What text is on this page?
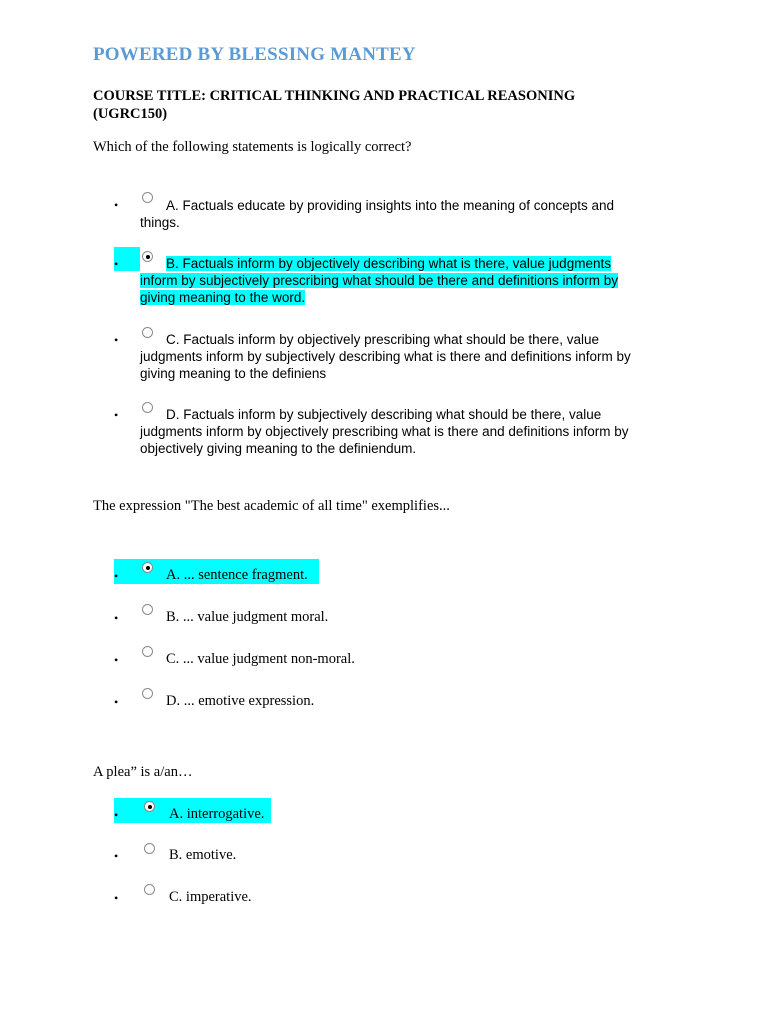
POWERED BY BLESSING MANTEY
COURSE TITLE: CRITICAL THINKING AND PRACTICAL REASONING
(UGRC150)
Which of the following statements is logically correct?
•	A. Factuals educate by providing insights into the meaning of concepts and
things.
•	B. Factuals inform by objectively describing what is there, value judgments
inform by subjectively prescribing what should be there and definitions inform by
giving meaning to the word.
•	C. Factuals inform by objectively prescribing what should be there, value
judgments inform by subjectively describing what is there and definitions inform by
giving meaning to the definiens
•	D. Factuals inform by subjectively describing what should be there, value
judgments inform by objectively prescribing what is there and definitions inform by
objectively giving meaning to the definiendum.
The expression "The best academic of all time" exemplifies...
•	A. ... sentence fragment.
•	B. ... value judgment moral.
•	C. ... value judgment non-moral.
•	D. ... emotive expression.
A plea” is a/an…
•	A. interrogative.
•	B. emotive.
•	C. imperative.
